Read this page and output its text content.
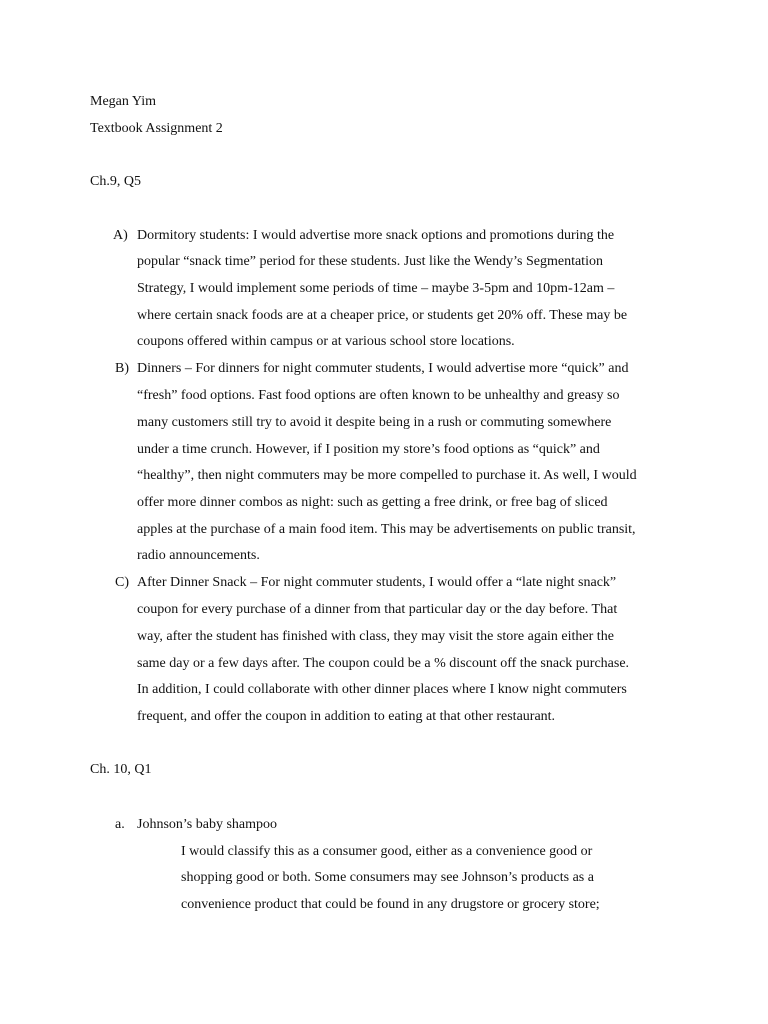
Megan Yim
Textbook Assignment 2
Ch.9, Q5
A) Dormitory students: I would advertise more snack options and promotions during the
popular “snack time” period for these students. Just like the Wendy’s Segmentation
Strategy, I would implement some periods of time – maybe 3-5pm and 10pm-12am –
where certain snack foods are at a cheaper price, or students get 20% off. These may be
coupons offered within campus or at various school store locations.
B) Dinners – For dinners for night commuter students, I would advertise more “quick” and
“fresh” food options. Fast food options are often known to be unhealthy and greasy so
many customers still try to avoid it despite being in a rush or commuting somewhere
under a time crunch. However, if I position my store’s food options as “quick” and
“healthy”, then night commuters may be more compelled to purchase it. As well, I would
offer more dinner combos as night: such as getting a free drink, or free bag of sliced
apples at the purchase of a main food item. This may be advertisements on public transit,
radio announcements.
C) After Dinner Snack – For night commuter students, I would offer a “late night snack”
coupon for every purchase of a dinner from that particular day or the day before. That
way, after the student has finished with class, they may visit the store again either the
same day or a few days after. The coupon could be a % discount off the snack purchase.
In addition, I could collaborate with other dinner places where I know night commuters
frequent, and offer the coupon in addition to eating at that other restaurant.
Ch. 10, Q1
a. Johnson’s baby shampoo
I would classify this as a consumer good, either as a convenience good or
shopping good or both. Some consumers may see Johnson’s products as a
convenience product that could be found in any drugstore or grocery store;
